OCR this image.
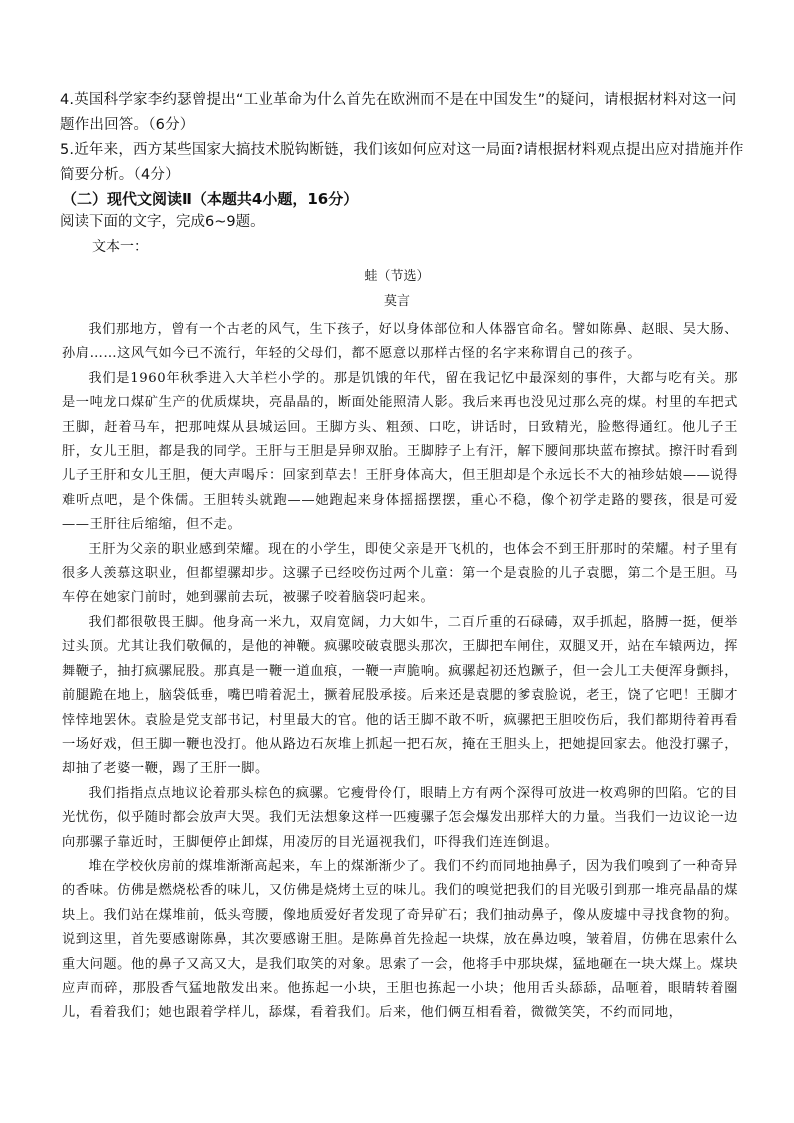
4.英国科学家李约瑟曾提出“工业革命为什么首先在欧洲而不是在中国发生”的疑问，请根据材料对这一问题作出回答。（6分）
5.近年来，西方某些国家大搞技术脱钩断链，我们该如何应对这一局面?请根据材料观点提出应对措施并作简要分析。（4分）
（二）现代文阅读Ⅱ（本题共4小题，16分）
阅读下面的文字，完成6~9题。
文本一：
蛙（节选）
莫言

我们那地方，曾有一个古老的风气，生下孩子，好以身体部位和人体器官命名。譬如陈鼻、赵眼、吴大肠、孙肩……这风气如今已不流行，年轻的父母们，都不愿意以那样古怪的名字来称谓自己的孩子。

我们是1960年秋季进入大羊栏小学的。那是饥饿的年代，留在我记忆中最深刻的事件，大都与吃有关。那是一吨龙口煤矿生产的优质煤块，亮晶晶的，断面处能照清人影。我后来再也没见过那么亮的煤。村里的车把式王脚，赶着马车，把那吨煤从县城运回。王脚方头、粗颈、口吃，讲话时，日致精光，脸憋得通红。他儿子王肝，女儿王胆，都是我的同学。王肝与王胆是异卵双胎。王脚脖子上有汗，解下腰间那块蓝布擦拭。擦汗时看到儿子王肝和女儿王胆，便大声喝斥：回家到草去！王肝身体高大，但王胆却是个永远长不大的袖珍姑娘——说得难听点吧，是个侏儒。王胆转头就跑——她跑起来身体摇摇摆摆，重心不稳，像个初学走路的婴孩，很是可爱——王肝往后缩缩，但不走。

王肝为父亲的职业感到荣耀。现在的小学生，即使父亲是开飞机的，也体会不到王肝那时的荣耀。村子里有很多人羡慕这职业，但都望骡却步。这骡子已经咬伤过两个儿童：第一个是袁脸的儿子袁腮，第二个是王胆。马车停在她家门前时，她到骡前去玩，被骡子咬着脑袋叼起来。

我们都很敬畏王脚。他身高一米九，双肩宽阔，力大如牛，二百斤重的石碌碡，双手抓起，胳膊一挺，便举过头顶。尤其让我们敬佩的，是他的神鞭。疯骡咬破袁腮头那次，王脚把车闸住，双腿叉开，站在车辕两边，挥舞鞭子，抽打疯骡屁股。那真是一鞭一道血痕，一鞭一声脆响。疯骡起初还尥蹶子，但一会儿工夫便浑身颤抖，前腿跪在地上，脑袋低垂，嘴巴啃着泥土，撅着屁股承接。后来还是袁腮的爹袁脸说，老王，饶了它吧！王脚才悻悻地罢休。袁脸是党支部书记，村里最大的官。他的话王脚不敢不听，疯骡把王胆咬伤后，我们都期待着再看一场好戏，但王脚一鞭也没打。他从路边石灰堆上抓起一把石灰，掩在王胆头上，把她提回家去。他没打骡子，却抽了老婆一鞭，踢了王肝一脚。

我们指指点点地议论着那头棕色的疯骡。它瘦骨伶仃，眼睛上方有两个深得可放进一枚鸡卵的凹陷。它的目光忧伤，似乎随时都会放声大哭。我们无法想象这样一匹瘦骡子怎会爆发出那样大的力量。当我们一边议论一边向那骡子靠近时，王脚便停止卸煤，用凌厉的目光逼视我们，吓得我们连连倒退。

堆在学校伙房前的煤堆渐渐高起来，车上的煤渐渐少了。我们不约而同地抽鼻子，因为我们嗅到了一种奇异的香味。仿佛是燃烧松香的味儿，又仿佛是烧烤土豆的味儿。我们的嗅觉把我们的目光吸引到那一堆亮晶晶的煤块上。我们站在煤堆前，低头弯腰，像地质爱好者发现了奇异矿石；我们抽动鼻子，像从废墟中寻找食物的狗。说到这里，首先要感谢陈鼻，其次要感谢王胆。是陈鼻首先捡起一块煤，放在鼻边嗅，皱着眉，仿佛在思索什么重大问题。他的鼻子又高又大，是我们取笑的对象。思索了一会，他将手中那块煤，猛地砸在一块大煤上。煤块应声而碎，那股香气猛地散发出来。他拣起一小块，王胆也拣起一小块；他用舌头舔舔，品咂着，眼睛转着圈儿，看着我们；她也跟着学样儿，舔煤，看着我们。后来，他们俩互相看着，微微笑笑，不约而同地，
